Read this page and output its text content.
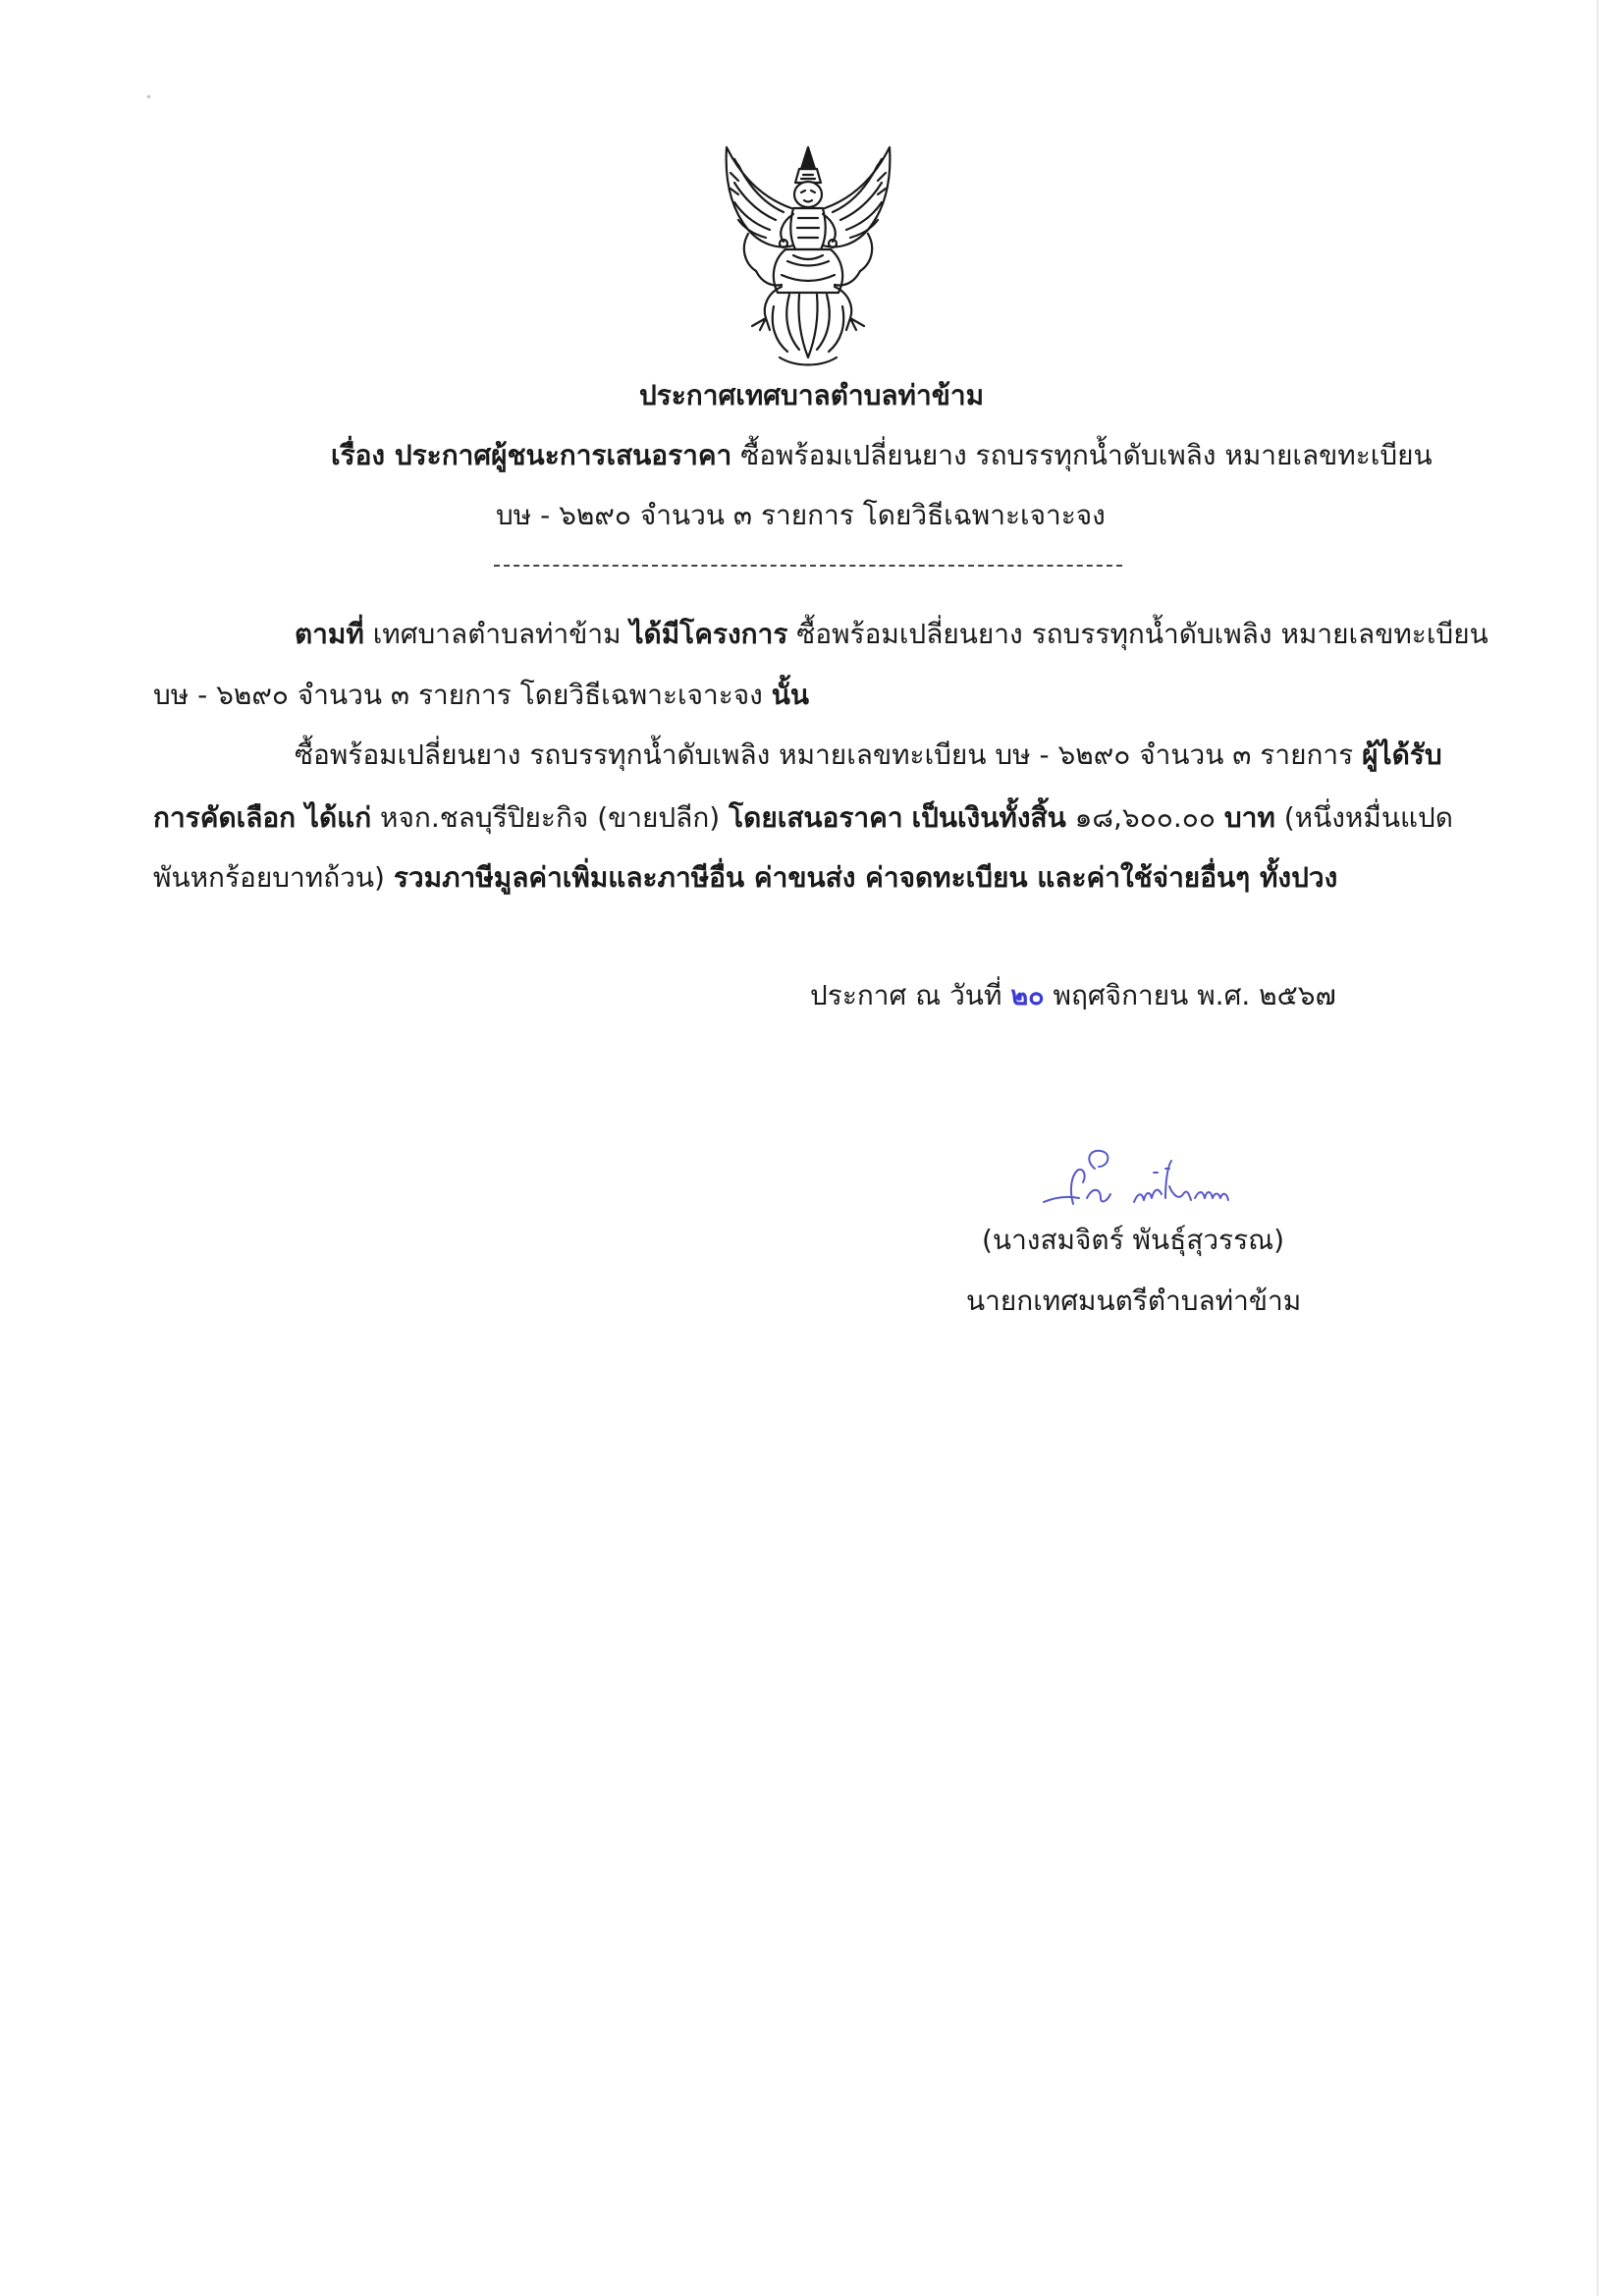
ประกาศเทศบาลตำบลท่าข้าม
เรื่อง ประกาศผู้ชนะการเสนอราคา ซื้อพร้อมเปลี่ยนยาง รถบรรทุกน้ำดับเพลิง หมายเลขทะเบียน
บษ - ๖๒๙๐ จำนวน ๓ รายการ โดยวิธีเฉพาะเจาะจง
ตามที่ เทศบาลตำบลท่าข้าม ได้มีโครงการ ซื้อพร้อมเปลี่ยนยาง รถบรรทุกน้ำดับเพลิง หมายเลขทะเบียน
บษ - ๖๒๙๐ จำนวน ๓ รายการ โดยวิธีเฉพาะเจาะจง นั้น
ซื้อพร้อมเปลี่ยนยาง รถบรรทุกน้ำดับเพลิง หมายเลขทะเบียน บษ - ๖๒๙๐ จำนวน ๓ รายการ ผู้ได้รับ
การคัดเลือก ได้แก่ หจก.ชลบุรีปิยะกิจ (ขายปลีก) โดยเสนอราคา เป็นเงินทั้งสิ้น ๑๘,๖๐๐.๐๐ บาท (หนึ่งหมื่นแปด
พันหกร้อยบาทถ้วน) รวมภาษีมูลค่าเพิ่มและภาษีอื่น ค่าขนส่ง ค่าจดทะเบียน และค่าใช้จ่ายอื่นๆ ทั้งปวง
ประกาศ ณ วันที่ ๒๐ พฤศจิกายน พ.ศ. ๒๕๖๗
(นางสมจิตร์ พันธุ์สุวรรณ)
นายกเทศมนตรีตำบลท่าข้าม
